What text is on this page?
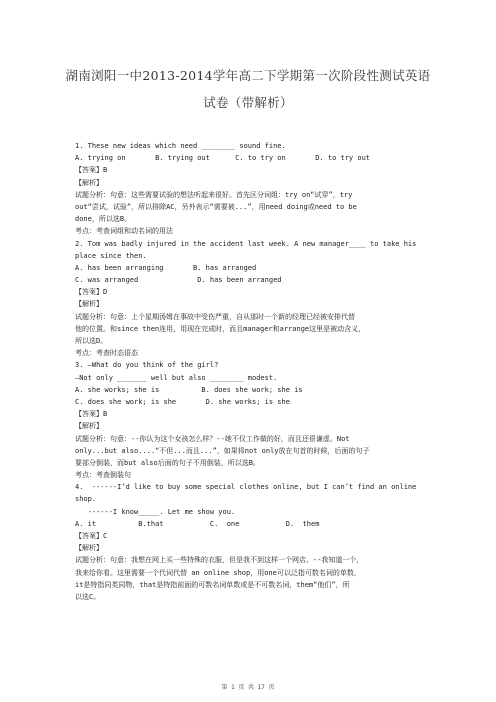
湖南浏阳一中2013-2014学年高二下学期第一次阶段性测试英语
试卷（带解析）
1. These new ideas which need ________ sound fine.
A. trying on       B. trying out      C. to try on       D. to try out
【答案】B
【解析】
试题分析：句意：这些需要试验的想法听起来很好。首先区分词组：try on“试穿”，try
out“尝试，试验”，所以排除AC，另外表示“需要被...”，用need doing或need to be
done，所以选B。
考点：考查词组和动名词的用法
2. Tom was badly injured in the accident last week. A new manager____ to take his
place since then.
A. has been arranging       B. has arranged
C. was arranged              D. has been arranged
【答案】D
【解析】
试题分析：句意：上个星期汤姆在事故中受伤严重，自从那时一个新的经理已经被安排代替
他的位置。和since then连用，用现在完成时，而且manager和arrange这里是被动含义，
所以选D。
考点：考查时态语态
3. —What do you think of the girl?
—Not only _______ well but also ________ modest.
A. she works; she is          B. does she work; she is
C. does she work; is she       D. she works; is she
【答案】B
【解析】
试题分析：句意：--你认为这个女孩怎么样？--她不仅工作做的好，而且还很谦虚。Not
only...but also....“不但...而且...”，如果将not only放在句首的时候，后面的句子
要部分倒装，而but also后面的句子不用倒装，所以选B。
考点：考查倒装句
4.  ------I’d like to buy some special clothes online, but I can’t find an online
shop.
------I know_____. Let me show you.
A. it          B.that           C.  one           D.  them
【答案】C
【解析】
试题分析：句意：我想在网上买一些特殊的衣服，但是我不到这样一个网店。--我知道一个，
我来给你看。这里需要一个代词代替 an online shop，用one可以泛指可数名词的单数，
it是特指同类同物，that是特指前面的可数名词单数或是不可数名词，them“他们”，所
以选C。
第 1 页 共 17 页
